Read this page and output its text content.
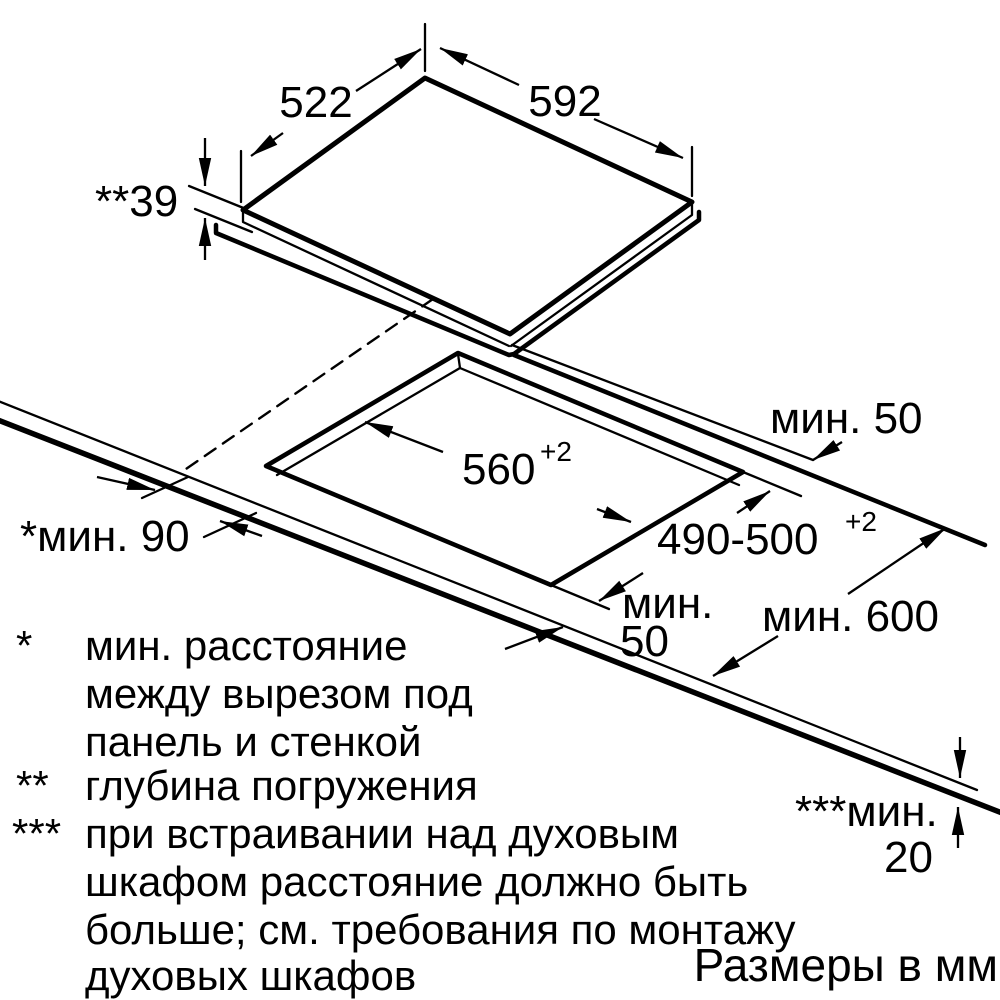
522	592
**39
*мин. 90
560 +2
490-500 +2
мин. 50
мин.
50
мин. 600
***мин.
20
* мин. расстояние
между вырезом под
панель и стенкой
** глубина погружения
*** при встраивании над духовым
шкафом расстояние должно быть
больше; см. требования по монтажу
духовых шкафов	Размеры в мм
